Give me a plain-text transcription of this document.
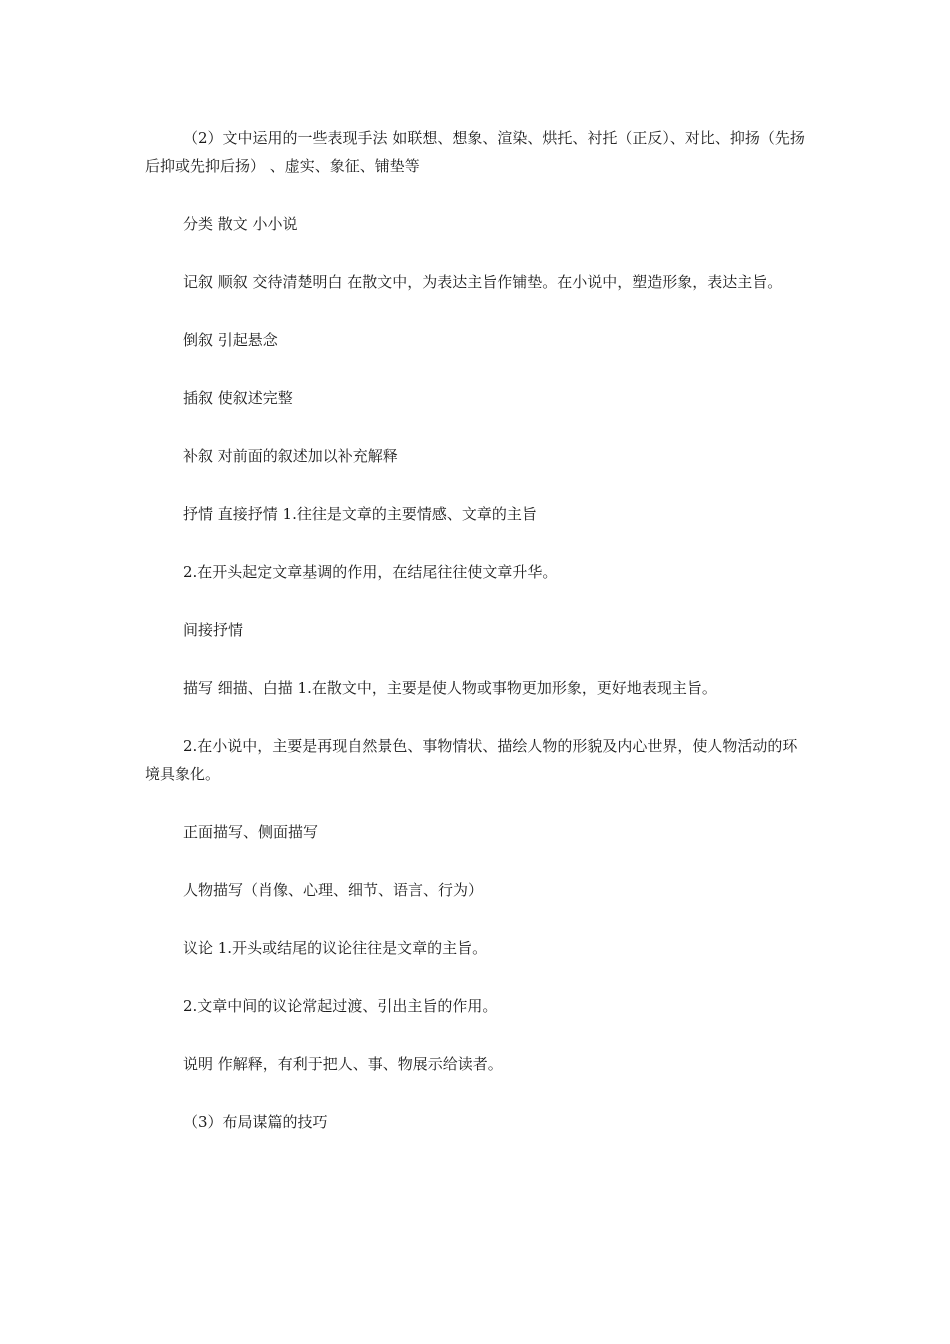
（2）文中运用的一些表现手法 如联想、想象、渲染、烘托、衬托（正反）、对比、抑扬（先扬后抑或先抑后扬） 、虚实、象征、铺垫等

分类 散文 小小说

记叙 顺叙 交待清楚明白 在散文中，为表达主旨作铺垫。在小说中，塑造形象，表达主旨。

倒叙 引起悬念

插叙 使叙述完整

补叙 对前面的叙述加以补充解释

抒情 直接抒情 1.往往是文章的主要情感、文章的主旨

2.在开头起定文章基调的作用，在结尾往往使文章升华。

间接抒情

描写 细描、白描 1.在散文中，主要是使人物或事物更加形象，更好地表现主旨。

2.在小说中，主要是再现自然景色、事物情状、描绘人物的形貌及内心世界，使人物活动的环境具象化。

正面描写、侧面描写

人物描写（肖像、心理、细节、语言、行为）

议论 1.开头或结尾的议论往往是文章的主旨。

2.文章中间的议论常起过渡、引出主旨的作用。

说明 作解释，有利于把人、事、物展示给读者。

（3）布局谋篇的技巧
